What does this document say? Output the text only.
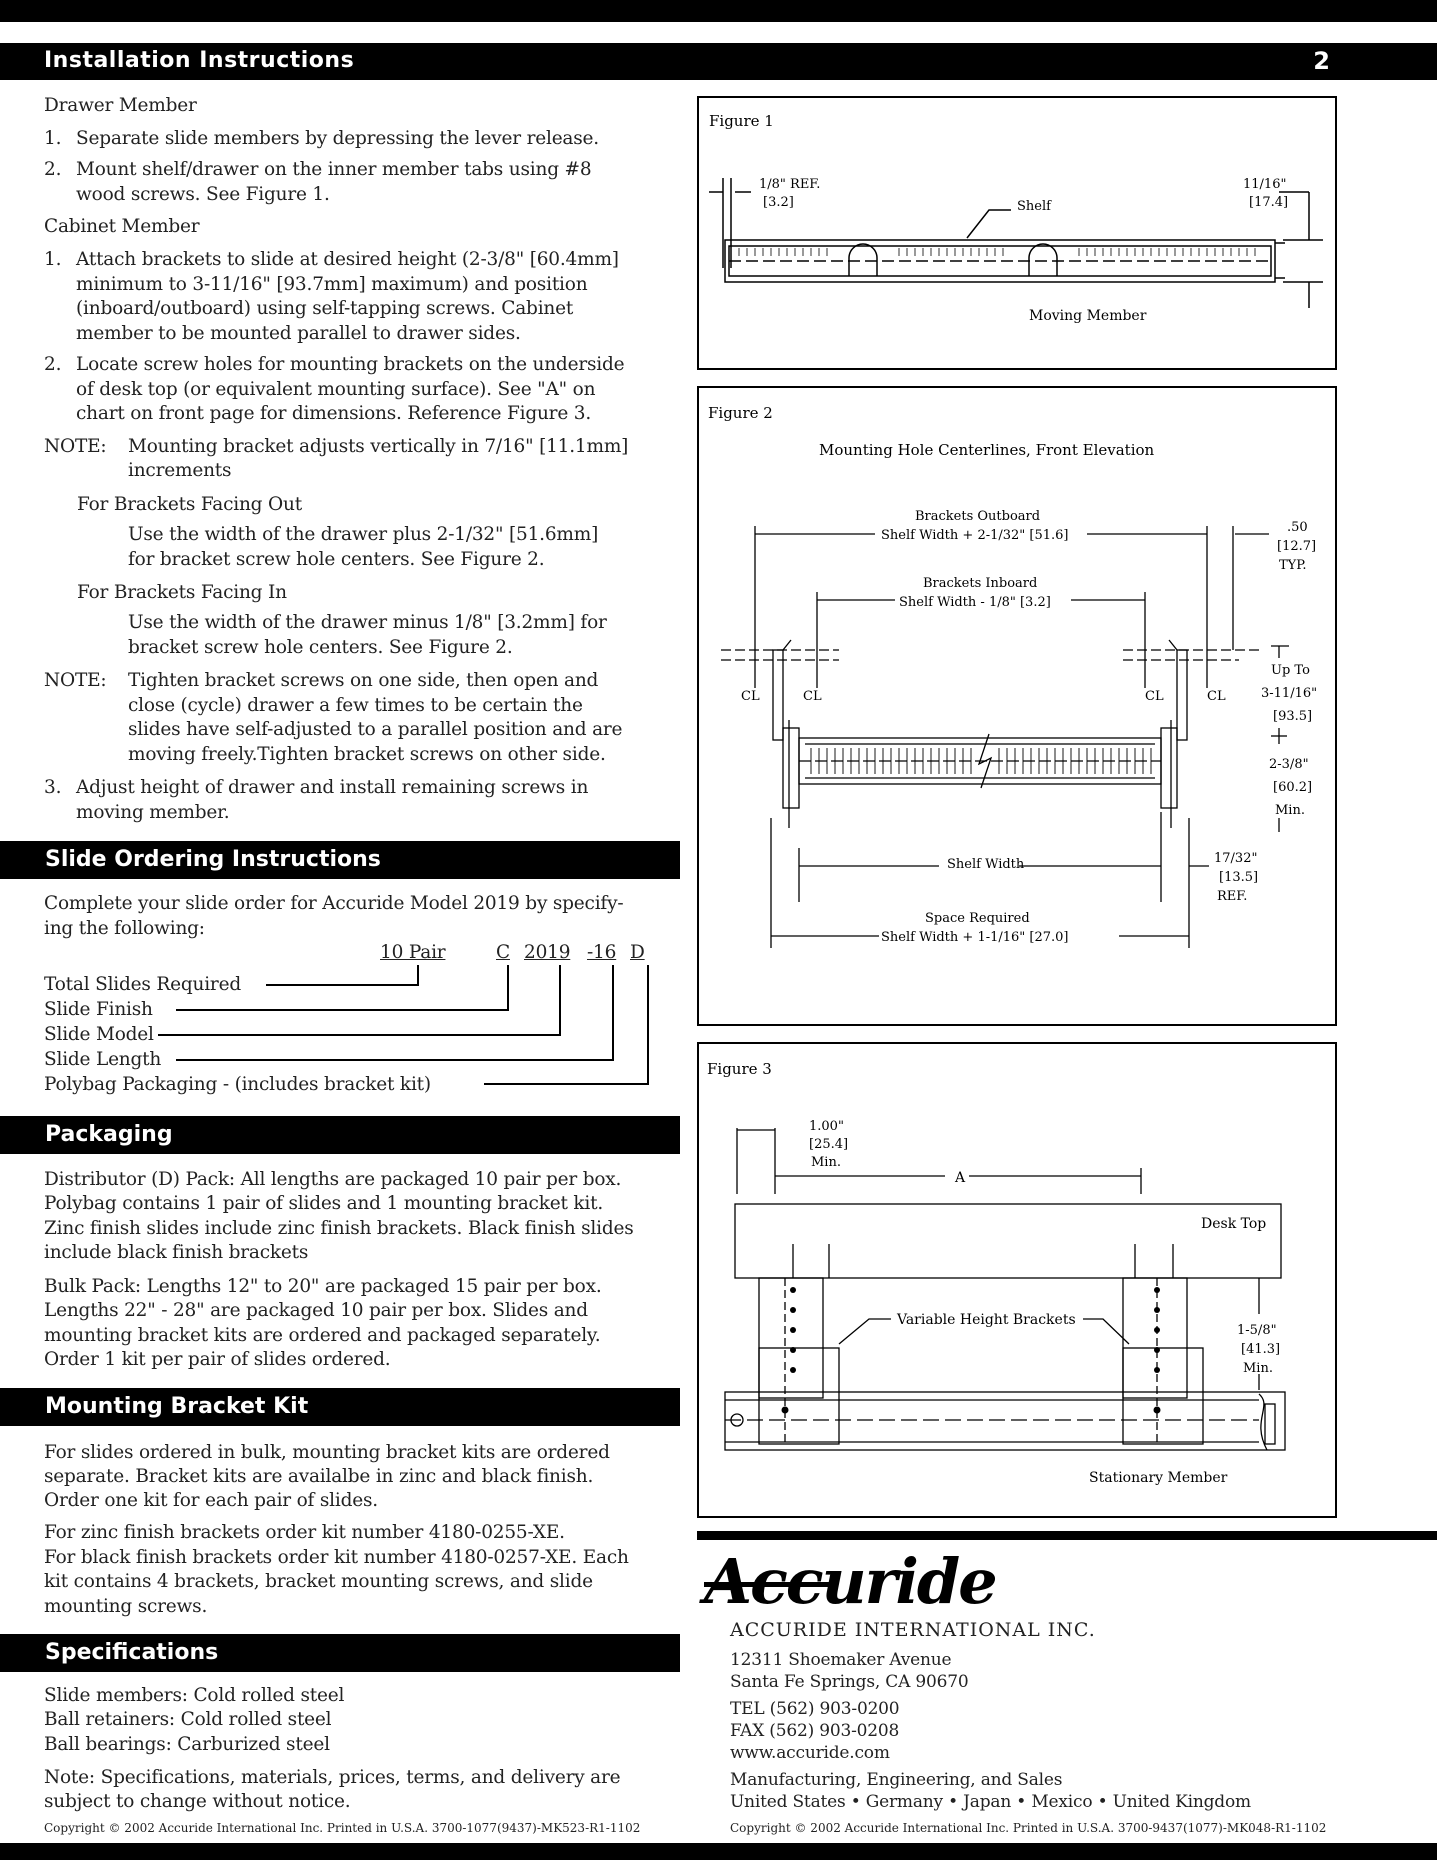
Installation Instructions	2
Drawer Member
1. Separate slide members by depressing the lever release.
2. Mount shelf/drawer on the inner member tabs using #8
wood screws. See Figure 1.
Cabinet Member
1. Attach brackets to slide at desired height (2-3/8" [60.4mm]
minimum to 3-11/16" [93.7mm] maximum) and position
(inboard/outboard) using self-tapping screws. Cabinet
member to be mounted parallel to drawer sides.
2. Locate screw holes for mounting brackets on the underside
of desk top (or equivalent mounting surface). See "A" on
chart on front page for dimensions. Reference Figure 3.
NOTE: Mounting bracket adjusts vertically in 7/16" [11.1mm]
increments
For Brackets Facing Out
Use the width of the drawer plus 2-1/32" [51.6mm]
for bracket screw hole centers. See Figure 2.
For Brackets Facing In
Use the width of the drawer minus 1/8" [3.2mm] for
bracket screw hole centers. See Figure 2.
NOTE: Tighten bracket screws on one side, then open and
close (cycle) drawer a few times to be certain the
slides have self-adjusted to a parallel position and are
moving freely.Tighten bracket screws on other side.
3. Adjust height of drawer and install remaining screws in
moving member.
Slide Ordering Instructions
Complete your slide order for Accuride Model 2019 by specify-
ing the following:
10 Pair	C 2019 -16 D
Total Slides Required
Slide Finish
Slide Model
Slide Length
Polybag Packaging - (includes bracket kit)
Packaging
Distributor (D) Pack: All lengths are packaged 10 pair per box.
Polybag contains 1 pair of slides and 1 mounting bracket kit.
Zinc finish slides include zinc finish brackets. Black finish slides
include black finish brackets
Bulk Pack: Lengths 12" to 20" are packaged 15 pair per box.
Lengths 22" - 28" are packaged 10 pair per box. Slides and
mounting bracket kits are ordered and packaged separately.
Order 1 kit per pair of slides ordered.
Mounting Bracket Kit
For slides ordered in bulk, mounting bracket kits are ordered
separate. Bracket kits are availalbe in zinc and black finish.
Order one kit for each pair of slides.
For zinc finish brackets order kit number 4180-0255-XE.
For black finish brackets order kit number 4180-0257-XE. Each
kit contains 4 brackets, bracket mounting screws, and slide
mounting screws.
Specifications
Slide members: Cold rolled steel
Ball retainers: Cold rolled steel
Ball bearings: Carburized steel
Note: Specifications, materials, prices, terms, and delivery are
subject to change without notice.
Copyright © 2002 Accuride International Inc. Printed in U.S.A. 3700-1077(9437)-MK523-R1-1102
Figure 1
1/8" REF.
[3.2]	Shelf
11/16"
[17.4]
Moving Member
Figure 2
Mounting Hole Centerlines, Front Elevation
Brackets Outboard
Shelf Width + 2-1/32" [51.6]
Brackets Inboard
Shelf Width - 1/8" [3.2]
.50
[12.7]
TYP.
CL	CL	CL	CL
Up To
3-11/16"
[93.5]
2-3/8"
[60.2]
Min.
Shelf Width	17/32"
[13.5]
REF.
Space Required
Shelf Width + 1-1/16" [27.0]
Figure 3
1.00"
[25.4]
Min.
A
Desk Top
Variable Height Brackets
1-5/8"
[41.3]
Min.
Stationary Member
Accuride
ACCURIDE INTERNATIONAL INC.
12311 Shoemaker Avenue
Santa Fe Springs, CA 90670
TEL (562) 903-0200
FAX (562) 903-0208
www.accuride.com
Manufacturing, Engineering, and Sales
United States • Germany • Japan • Mexico • United Kingdom
Copyright © 2002 Accuride International Inc. Printed in U.S.A. 3700-9437(1077)-MK048-R1-1102
